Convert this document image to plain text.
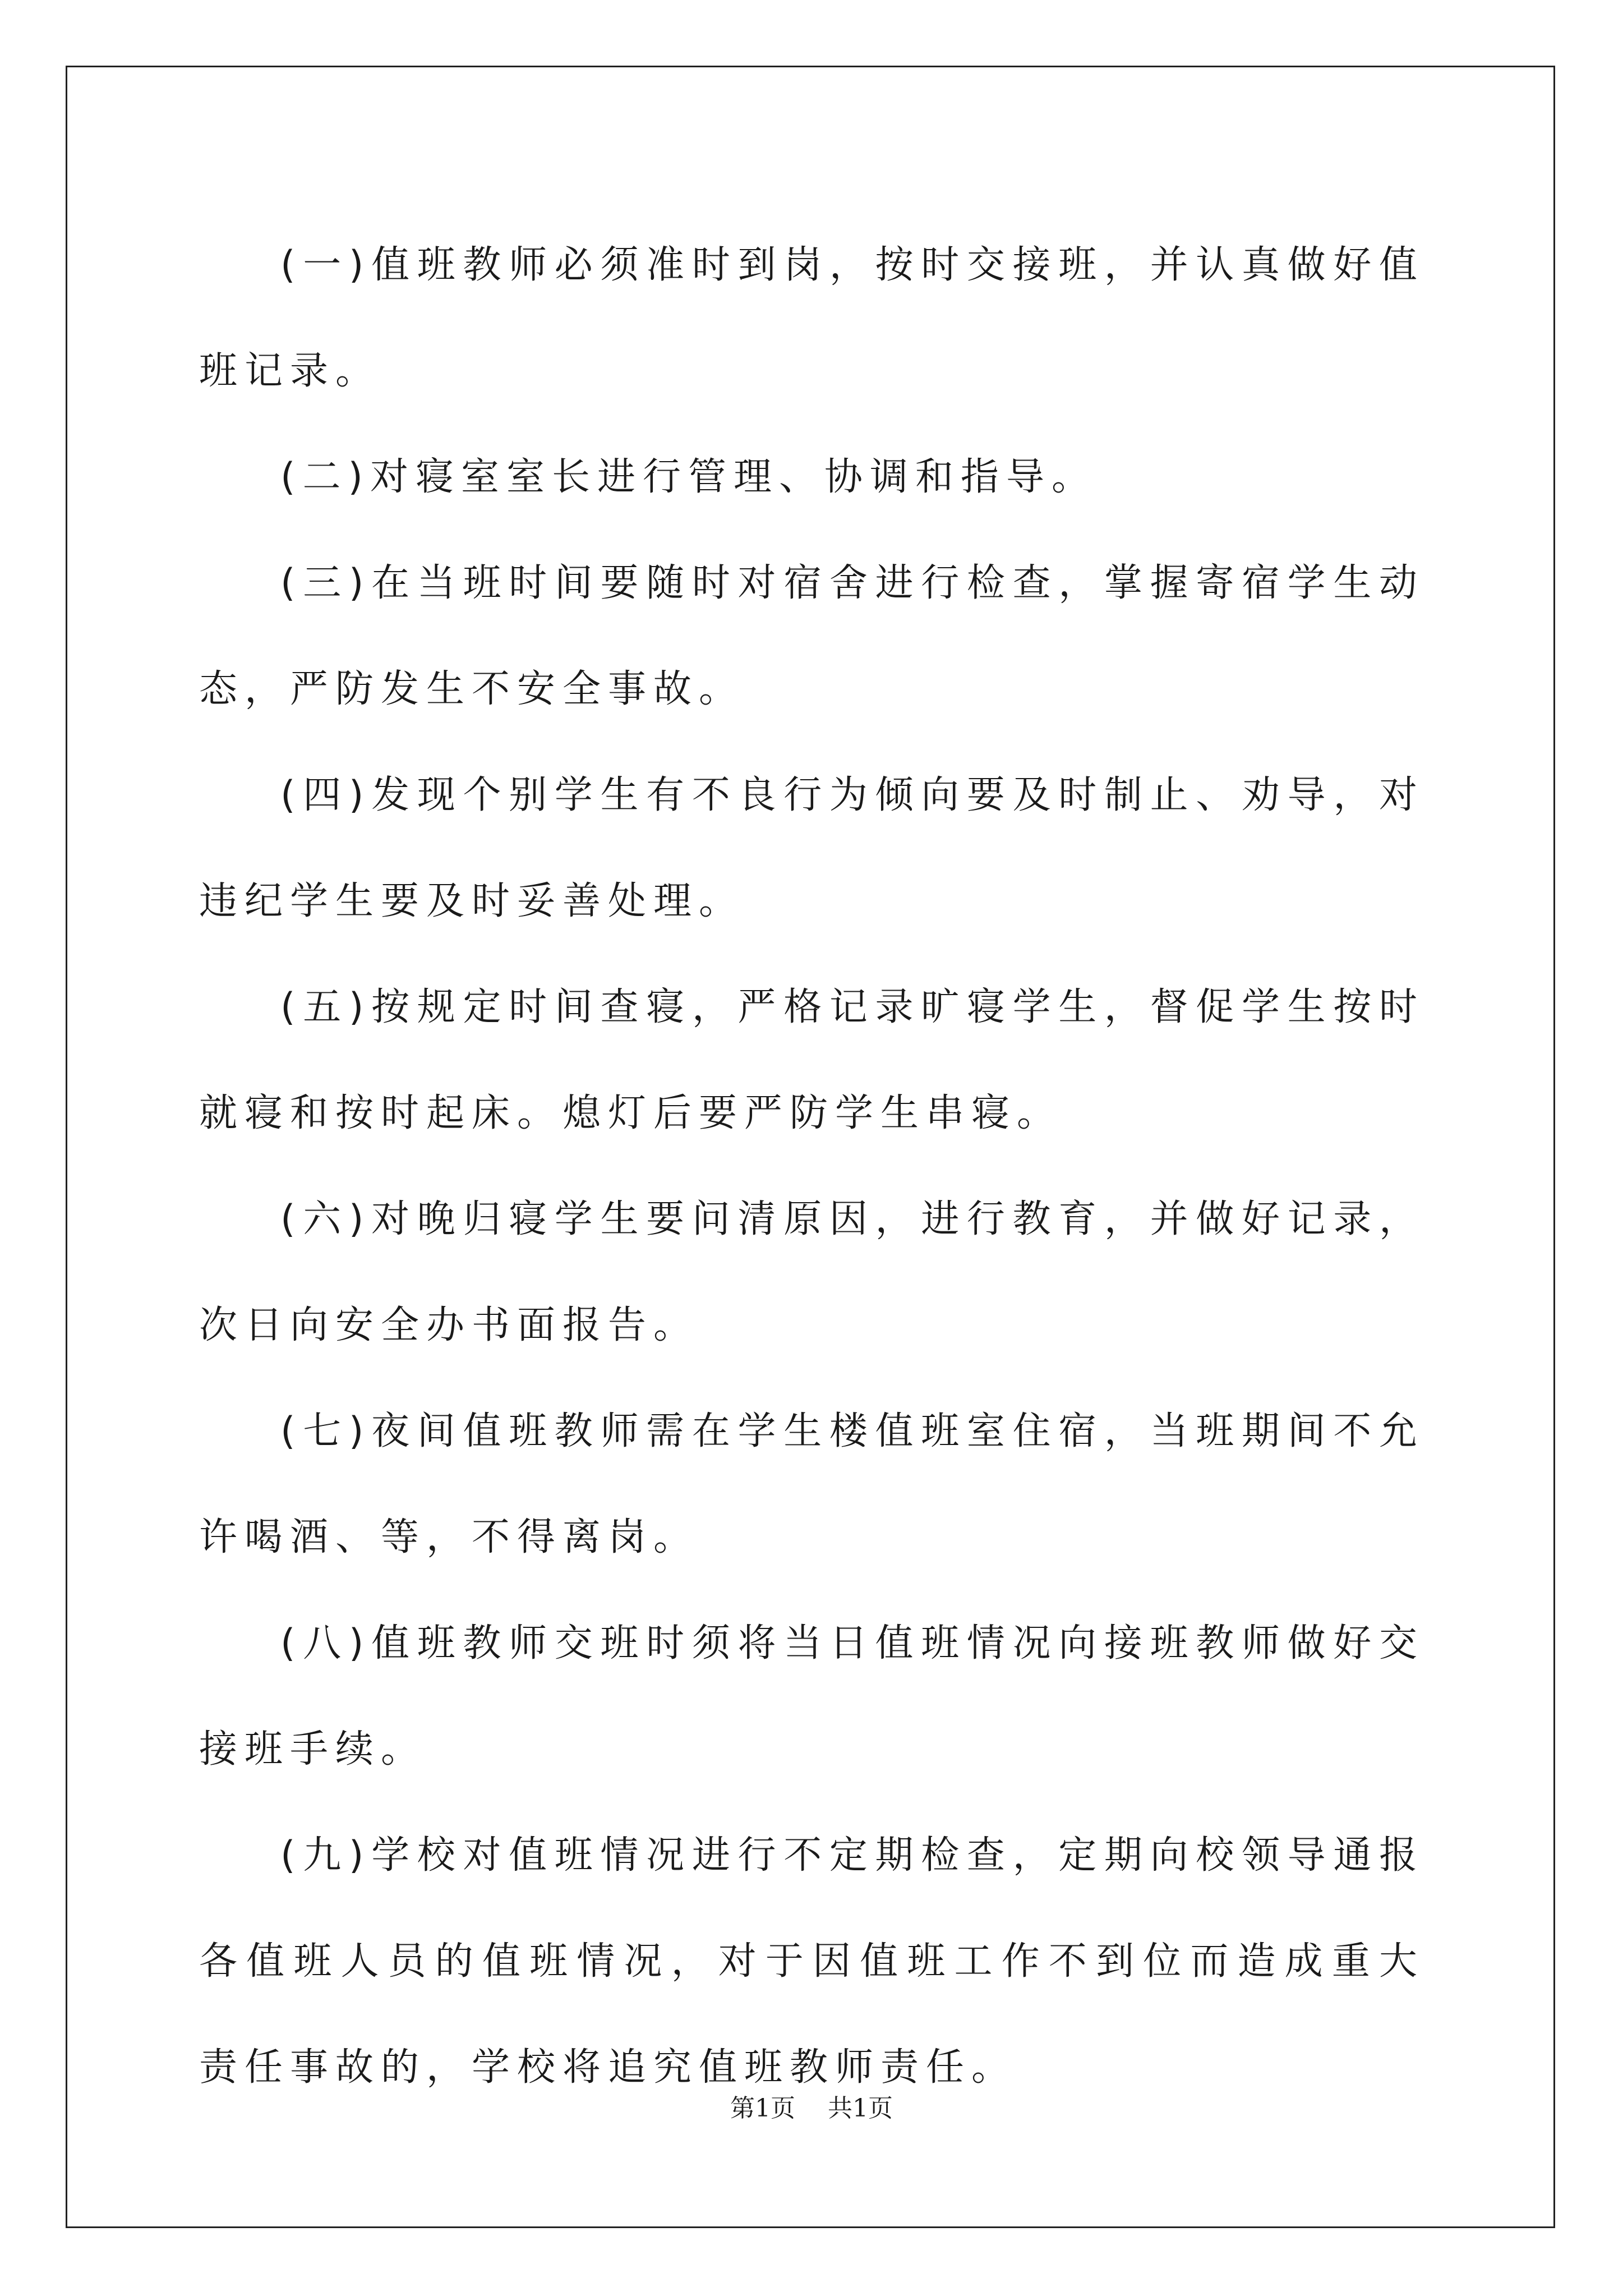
(一)值班教师必须准时到岗，按时交接班，并认真做好值班记录。

(二)对寝室室长进行管理、协调和指导。

(三)在当班时间要随时对宿舍进行检查，掌握寄宿学生动态，严防发生不安全事故。

(四)发现个别学生有不良行为倾向要及时制止、劝导，对违纪学生要及时妥善处理。

(五)按规定时间查寝，严格记录旷寝学生，督促学生按时就寝和按时起床。熄灯后要严防学生串寝。

(六)对晚归寝学生要问清原因，进行教育，并做好记录，次日向安全办书面报告。

(七)夜间值班教师需在学生楼值班室住宿，当班期间不允许喝酒、等，不得离岗。

(八)值班教师交班时须将当日值班情况向接班教师做好交接班手续。

(九)学校对值班情况进行不定期检查，定期向校领导通报各值班人员的值班情况，对于因值班工作不到位而造成重大责任事故的，学校将追究值班教师责任。

第1页 共1页
